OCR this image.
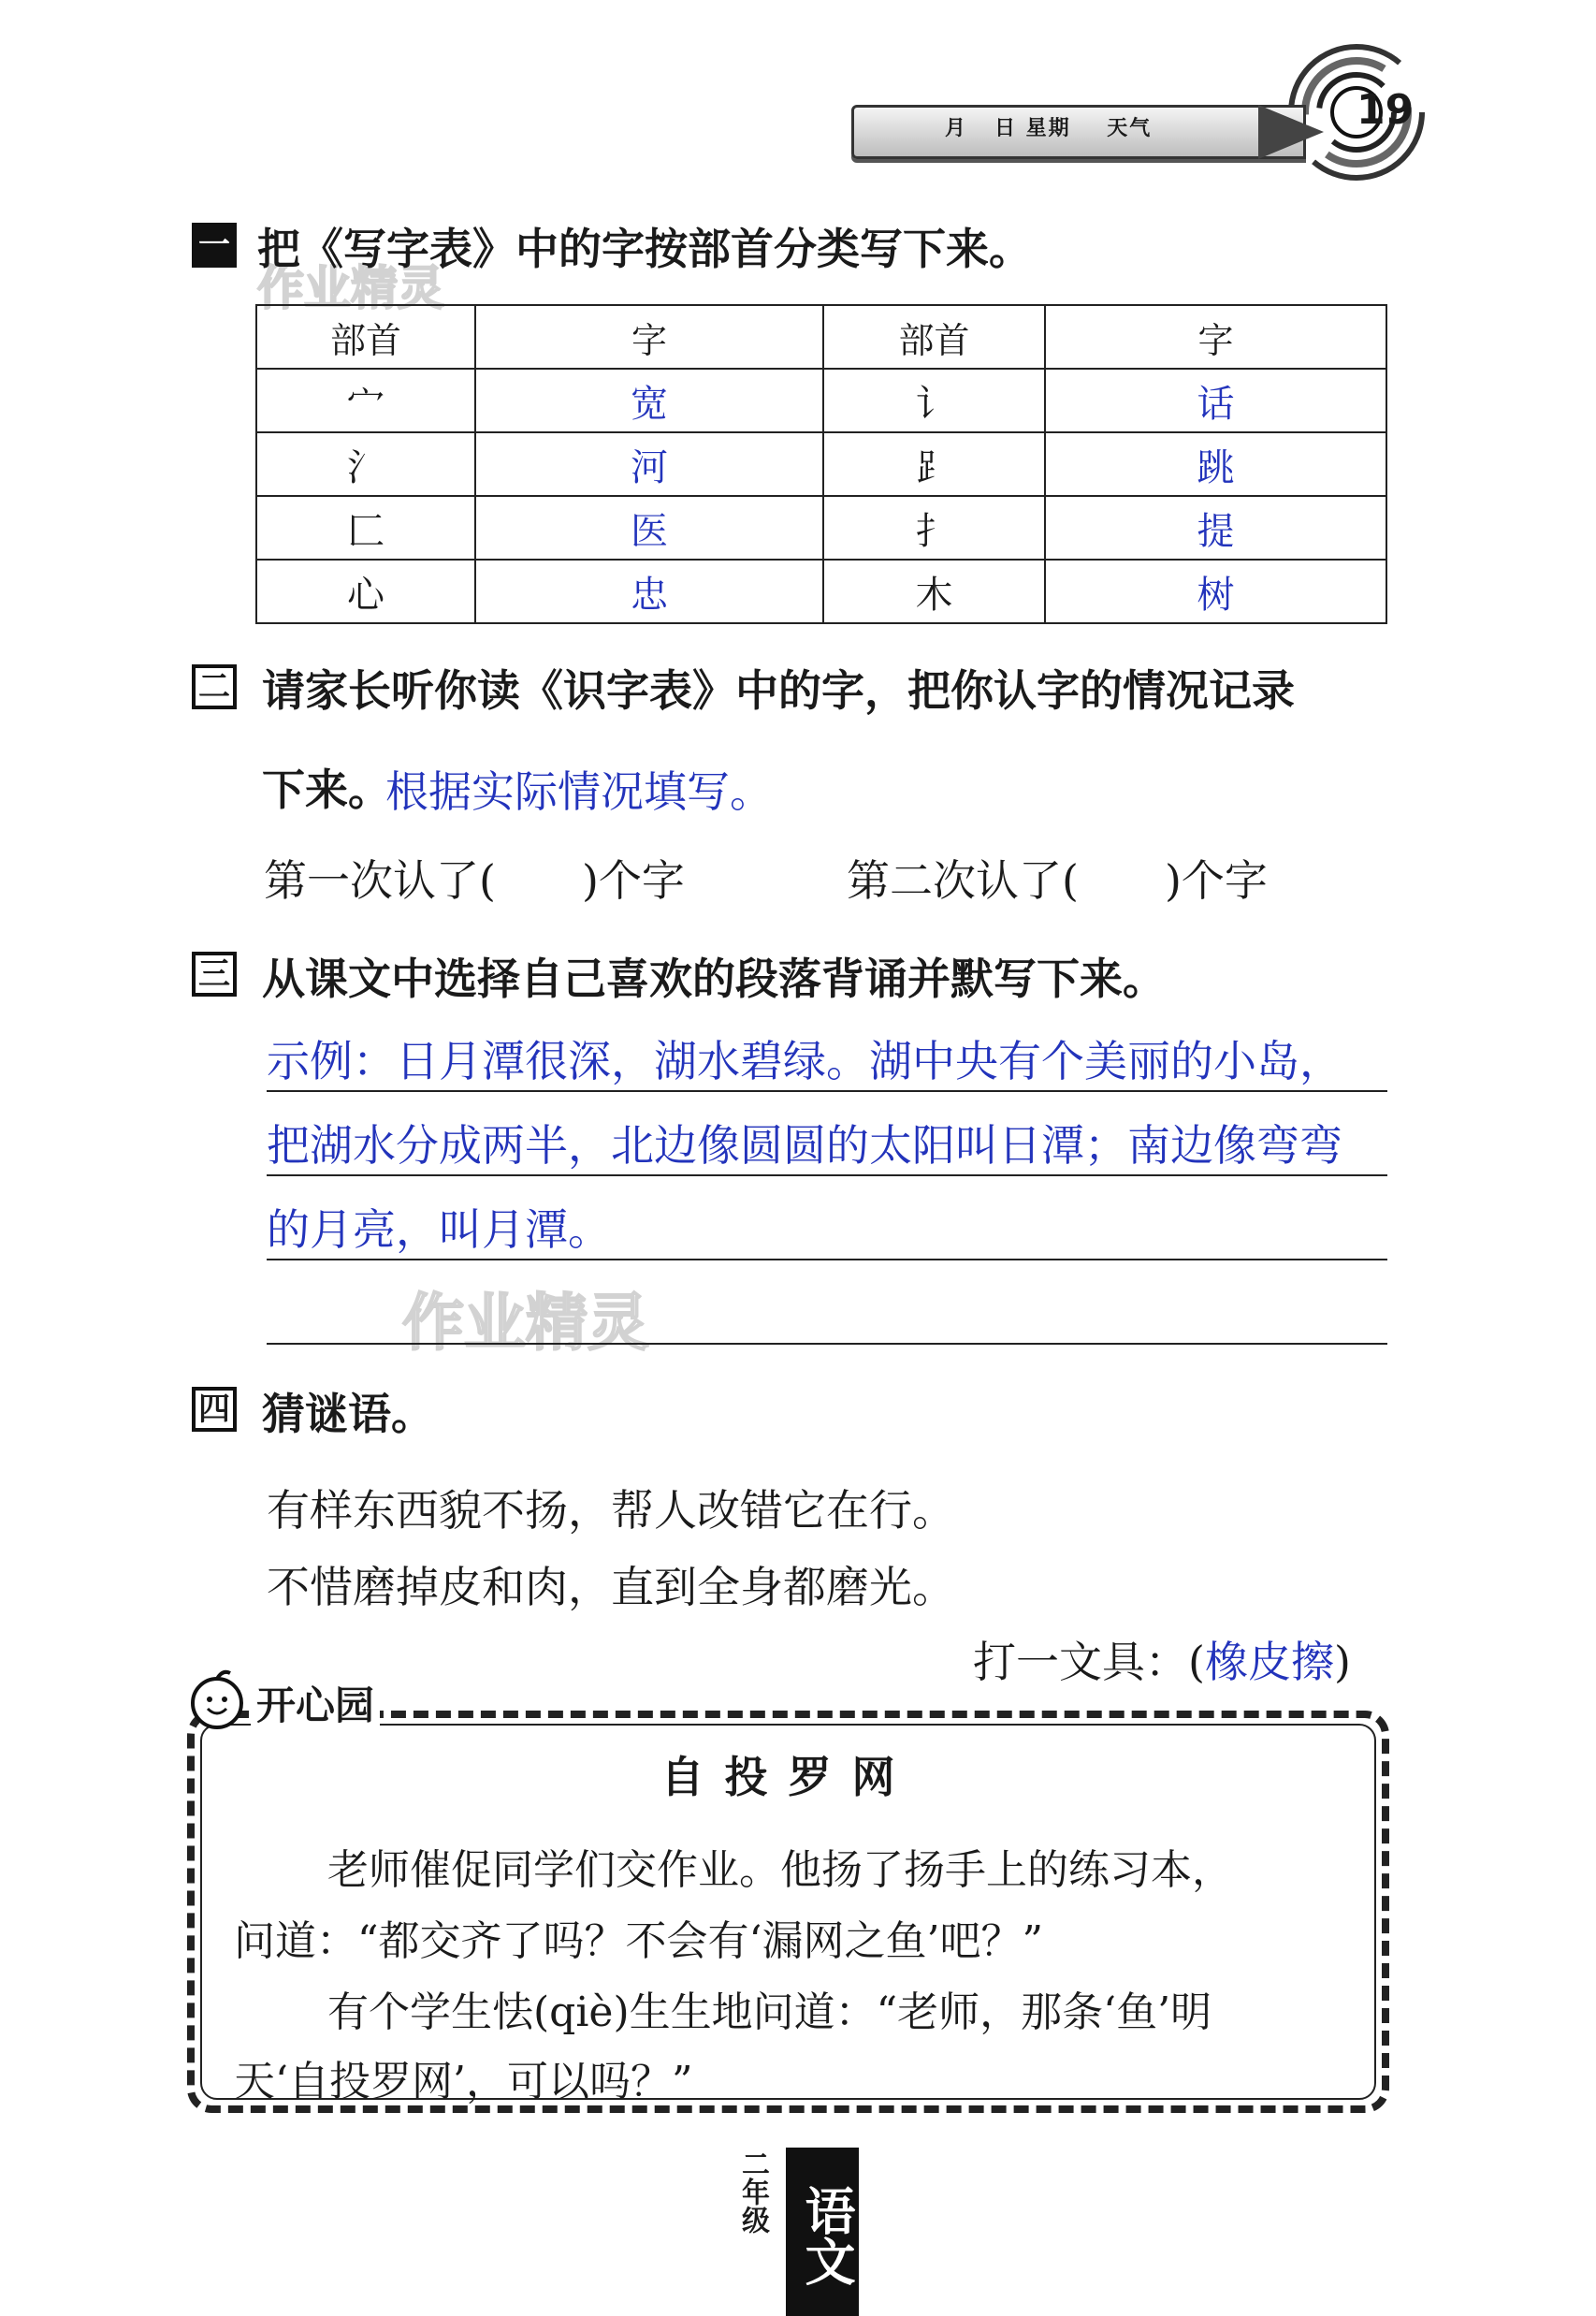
月   日 星期    天气	19
作业精灵
作业精灵
一 把《写字表》中的字按部首分类写下来。
部首	字	部首	字
宀	宽	讠	话
氵	河	⻊	跳
匚	医	扌	提
心	忠	木	树
二 请家长听你读《识字表》中的字，把你认字的情况记录
下来。
根据实际情况填写。
第一次认了(　　)个字	第二次认了(　　)个字
三 从课文中选择自己喜欢的段落背诵并默写下来。
示例：日月潭很深，湖水碧绿。湖中央有个美丽的小岛，
把湖水分成两半，北边像圆圆的太阳叫日潭；南边像弯弯
的月亮，叫月潭。
四 猜谜语。
有样东西貌不扬，帮人改错它在行。
不惜磨掉皮和肉，直到全身都磨光。
打一文具：(橡皮擦)
开心园
自投罗网
老师催促同学们交作业。他扬了扬手上的练习本，
问道：“都交齐了吗？不会有‘漏网之鱼’吧？”
有个学生怯(qiè)生生地问道：“老师，那条‘鱼’明
天‘自投罗网’，可以吗？”
二年级 语文
